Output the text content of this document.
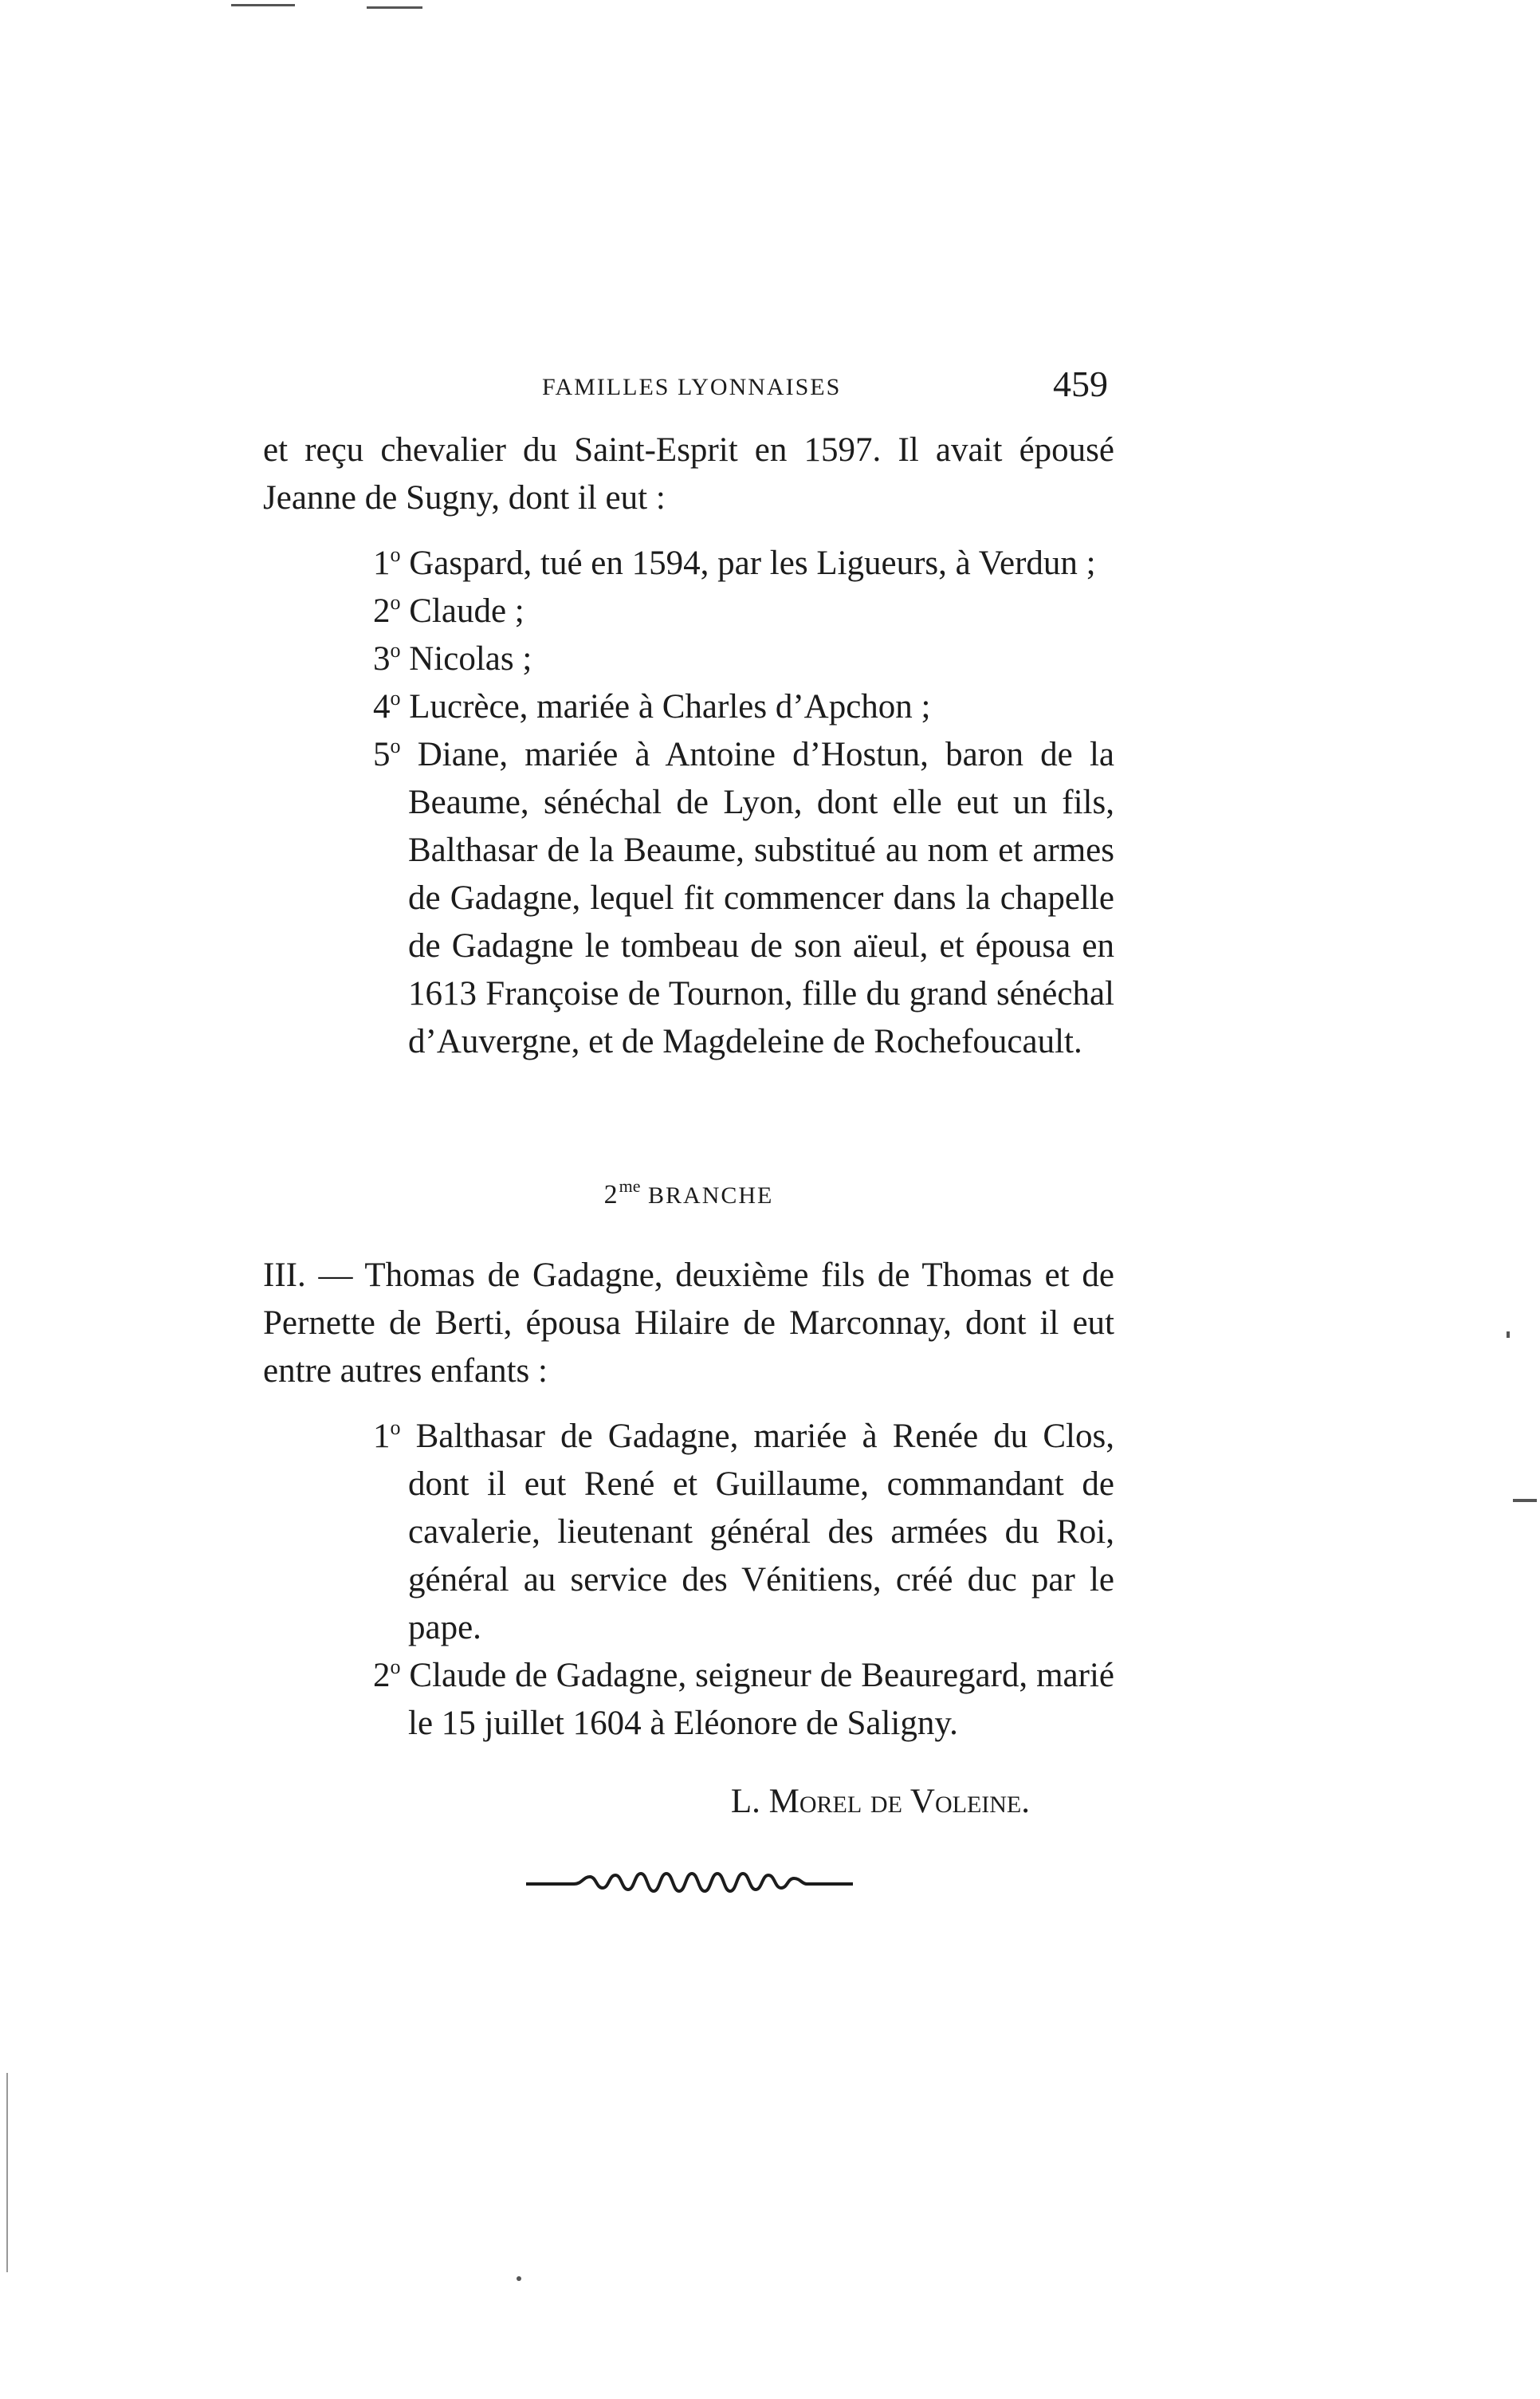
FAMILLES LYONNAISES	459

et reçu chevalier du Saint-Esprit en 1597. Il avait épousé Jeanne de Sugny, dont il eut :

1$^o$ Gaspard, tué en 1594, par les Ligueurs, à Verdun ;
2$^o$ Claude ;
3$^o$ Nicolas ;
4$^o$ Lucrèce, mariée à Charles d’Apchon ;
5$^o$ Diane, mariée à Antoine d’Hostun, baron de la Beaume, sénéchal de Lyon, dont elle eut un fils, Balthasar de la Beaume, substitué au nom et armes de Gadagne, lequel fit commencer dans la chapelle de Gadagne le tombeau de son aïeul, et épousa en 1613 Françoise de Tournon, fille du grand sénéchal d’Auvergne, et de Magdeleine de Rochefoucault.
$2^{me}$ BRANCHE

III. — Thomas de Gadagne, deuxième fils de Thomas et de Pernette de Berti, épousa Hilaire de Marconnay, dont il eut entre autres enfants :

1$^o$ Balthasar de Gadagne, mariée à Renée du Clos, dont il eut René et Guillaume, commandant de cavalerie, lieutenant général des armées du Roi, général au service des Vénitiens, créé duc par le pape.
2$^o$ Claude de Gadagne, seigneur de Beauregard, marié le 15 juillet 1604 à Eléonore de Saligny.
L. Morel de Voleine.
